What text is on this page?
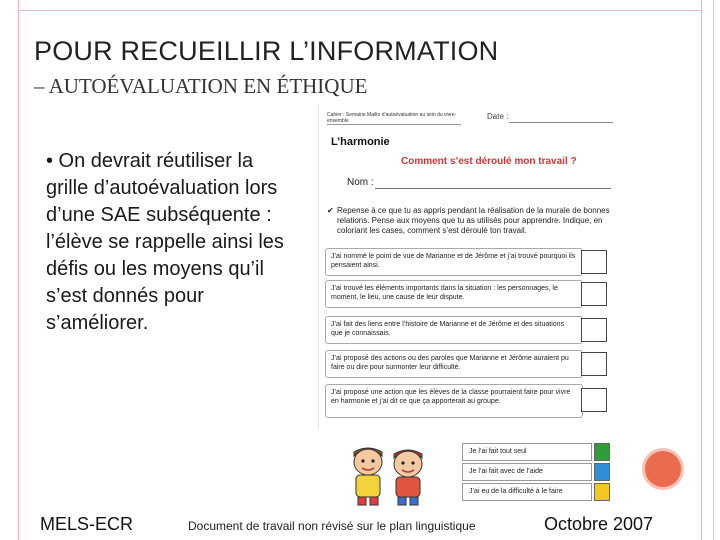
POUR RECUEILLIR L’INFORMATION
– AUTOÉVALUATION EN ÉTHIQUE
• On devrait réutiliser la grille d’autoévaluation lors d’une SAE subséquente : l’élève se rappelle ainsi les défis ou les moyens qu’il s’est donnés pour s’améliorer.
Cahier : Semaine Mailto d’autoévaluation au sein du vivre-ensemble	Date :
L’harmonie
Comment s’est déroulé mon travail ?
Nom :
✔ Repense à ce que tu as appris pendant la réalisation de la murale de bonnes relations. Pense aux moyens que tu as utilisés pour apprendre. Indique, en coloriant les cases, comment s’est déroulé ton travail.
J’ai nommé le point de vue de Marianne et de Jérôme et j’ai trouvé pourquoi ils pensaient ainsi.
J’ai trouvé les éléments importants dans la situation : les personnages, le moment, le lieu, une cause de leur dispute.
J’ai fait des liens entre l’histoire de Marianne et de Jérôme et des situations que je connaissais.
J’ai proposé des actions ou des paroles que Marianne et Jérôme auraient pu faire ou dire pour surmonter leur difficulté.
J’ai proposé une action que les élèves de la classe pourraient faire pour vivre en harmonie et j’ai dit ce que ça apporterait au groupe.
Je l’ai fait tout seul
Je l’ai fait avec de l’aide
J’ai eu de la difficulté à le faire
MELS-ECR	Document de travail non révisé sur le plan linguistique	Octobre 2007
